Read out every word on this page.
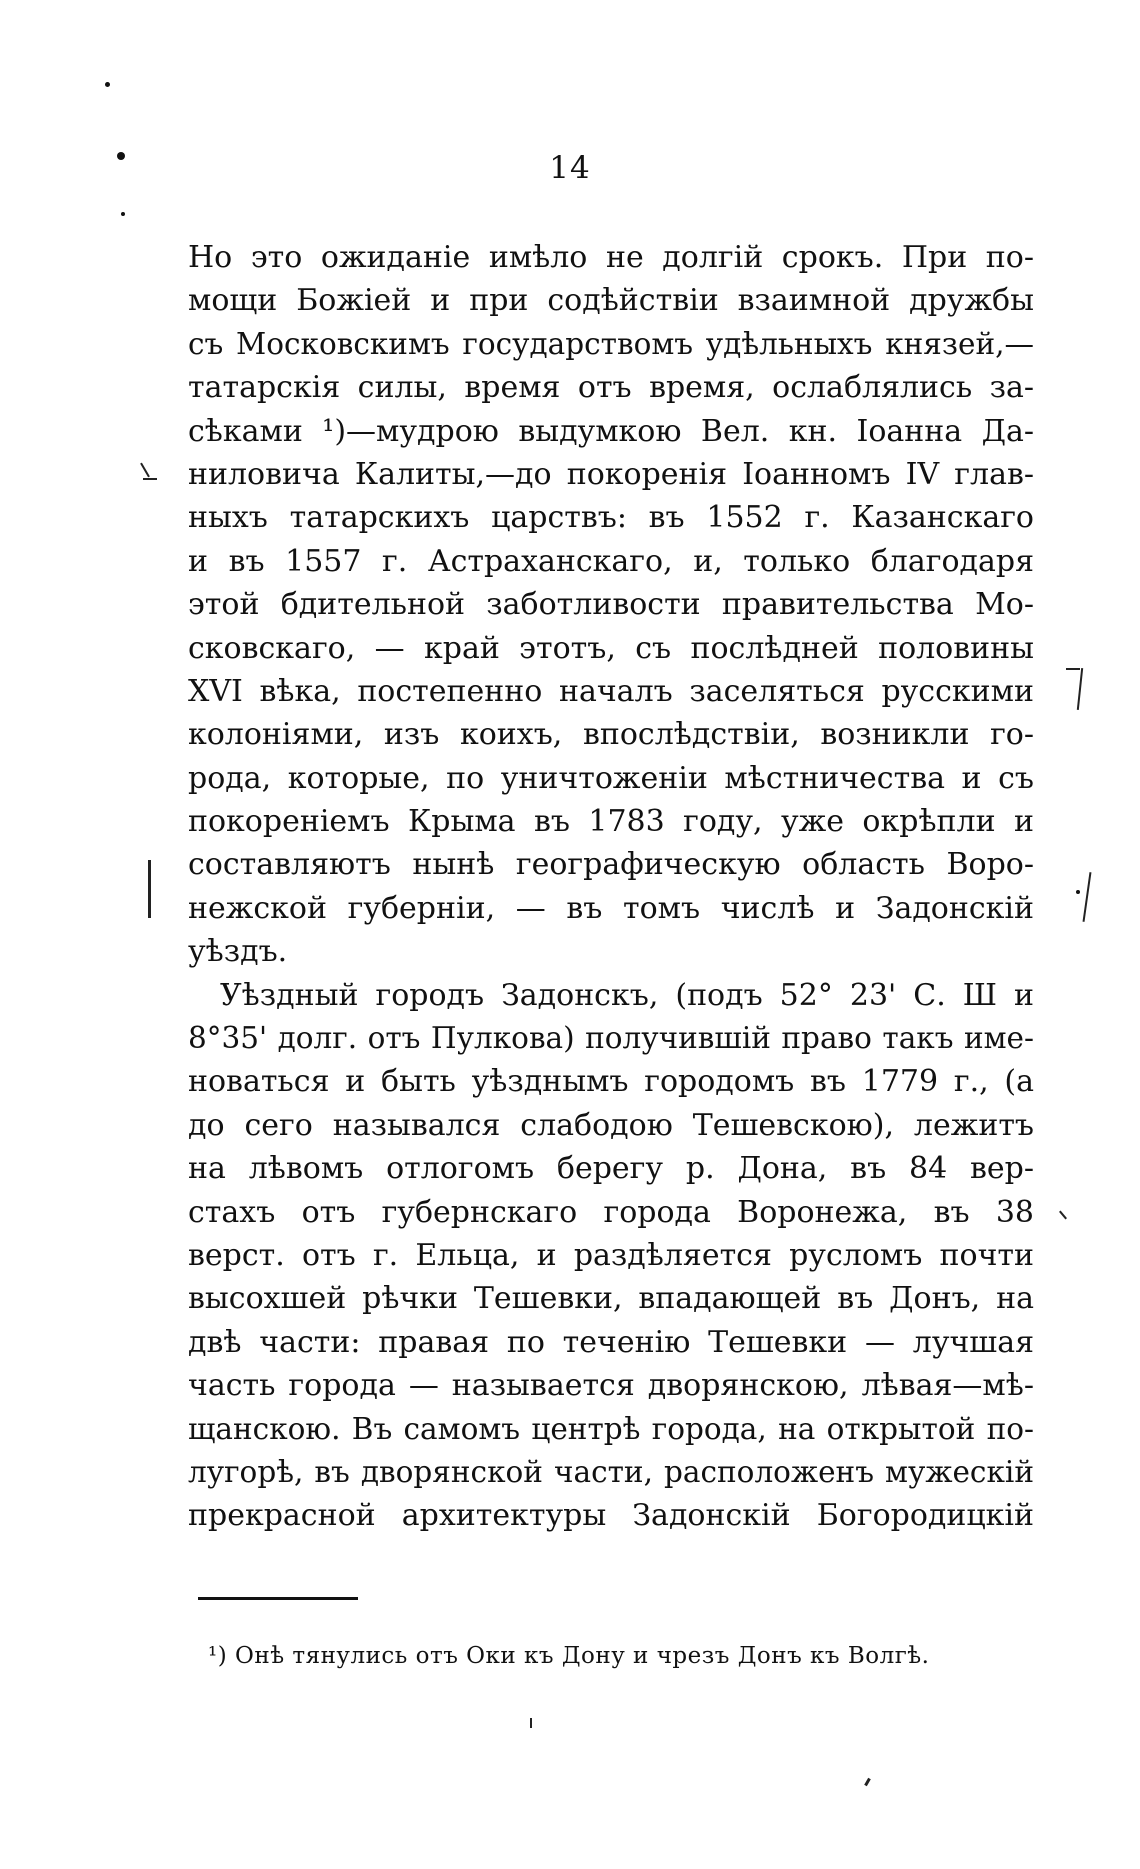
14
Но это ожиданіе имѣло не долгій срокъ. При по-
мощи Божіей и при содѣйствіи взаимной дружбы
съ Московскимъ государствомъ удѣльныхъ князей,—
татарскія силы, время отъ время, ослаблялись за-
сѣками ¹)—мудрою выдумкою Вел. кн. Іоанна Да-
ниловича Калиты,—до покоренія Іоанномъ IV глав-
ныхъ татарскихъ царствъ: въ 1552 г. Казанскаго
и въ 1557 г. Астраханскаго, и, только благодаря
этой бдительной заботливости правительства Мо-
сковскаго, — край этотъ, съ послѣдней половины
XVI вѣка, постепенно началъ заселяться русскими
колоніями, изъ коихъ, впослѣдствіи, возникли го-
рода, которые, по уничтоженіи мѣстничества и съ
покореніемъ Крыма въ 1783 году, уже окрѣпли и
составляютъ нынѣ географическую область Воро-
нежской губерніи, — въ томъ числѣ и Задонскій
уѣздъ.
Уѣздный городъ Задонскъ, (подъ 52° 23' С. Ш и
8°35' долг. отъ Пулкова) получившій право такъ име-
новаться и быть уѣзднымъ городомъ въ 1779 г., (а
до сего назывался слабодою Тешевскою), лежитъ
на лѣвомъ отлогомъ берегу р. Дона, въ 84 вер-
стахъ отъ губернскаго города Воронежа, въ 38
верст. отъ г. Ельца, и раздѣляется русломъ почти
высохшей рѣчки Тешевки, впадающей въ Донъ, на
двѣ части: правая по теченію Тешевки — лучшая
часть города — называется дворянскою, лѣвая—мѣ-
щанскою. Въ самомъ центрѣ города, на открытой по-
лугорѣ, въ дворянской части, расположенъ мужескій
прекрасной архитектуры Задонскій Богородицкій
¹) Онѣ тянулись отъ Оки къ Дону и чрезъ Донъ къ Волгѣ.
